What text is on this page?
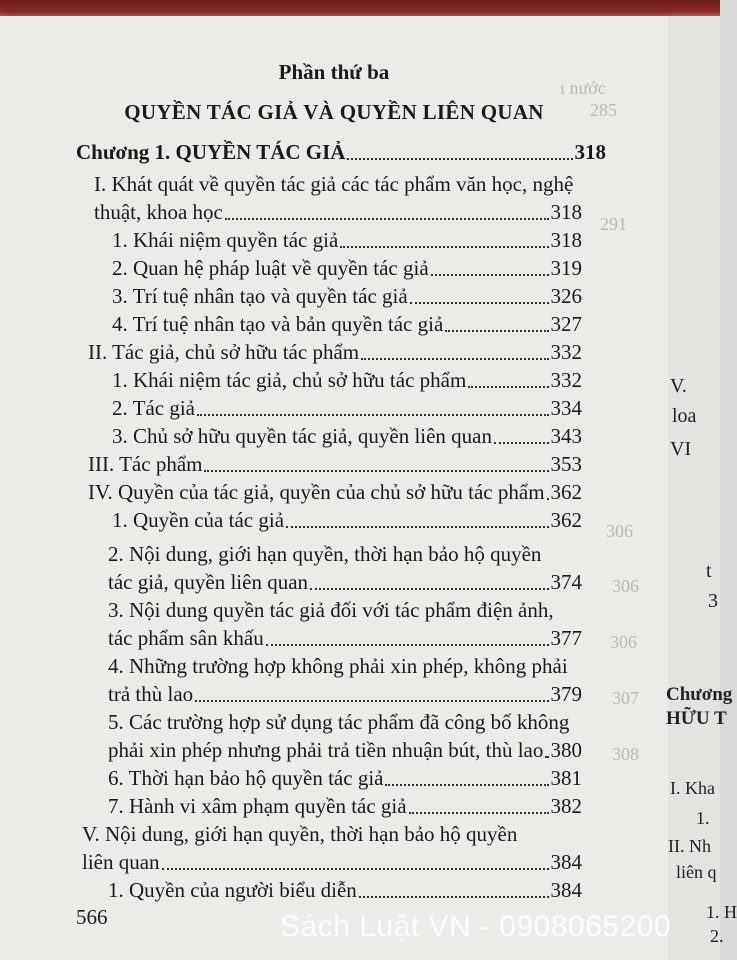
ı nước
285
291
306
306
306
307
308
Phần thứ ba
QUYỀN TÁC GIẢ VÀ QUYỀN LIÊN QUAN
Chương 1. QUYỀN TÁC GIẢ	318
I. Khát quát về quyền tác giả các tác phẩm văn học, nghệ
thuật, khoa học	318
1. Khái niệm quyền tác giả	318
2. Quan hệ pháp luật về quyền tác giả	319
3. Trí tuệ nhân tạo và quyền tác giả	326
4. Trí tuệ nhân tạo và bản quyền tác giả	327
II. Tác giả, chủ sở hữu tác phẩm	332
1. Khái niệm tác giả, chủ sở hữu tác phẩm	332
2. Tác giả	334
3. Chủ sở hữu quyền tác giả, quyền liên quan	343
III. Tác phẩm	353
IV. Quyền của tác giả, quyền của chủ sở hữu tác phẩm 362
1. Quyền của tác giả	362
2. Nội dung, giới hạn quyền, thời hạn bảo hộ quyền
tác giả, quyền liên quan	374
3. Nội dung quyền tác giả đối với tác phẩm điện ảnh,
tác phẩm sân khấu	377
4. Những trường hợp không phải xin phép, không phải
trả thù lao	379
5. Các trường hợp sử dụng tác phẩm đã công bố không
phải xin phép nhưng phải trả tiền nhuận bút, thù lao 380
6. Thời hạn bảo hộ quyền tác giả	381
7. Hành vi xâm phạm quyền tác giả	382
V. Nội dung, giới hạn quyền, thời hạn bảo hộ quyền
liên quan	384
1. Quyền của người biểu diễn	384
566
V.
loa
VI
t
3
Chương
HỮU T
I. Kha
1.
II. Nh
liên q
1. H
2.
Sách Luật VN - 0908065200
